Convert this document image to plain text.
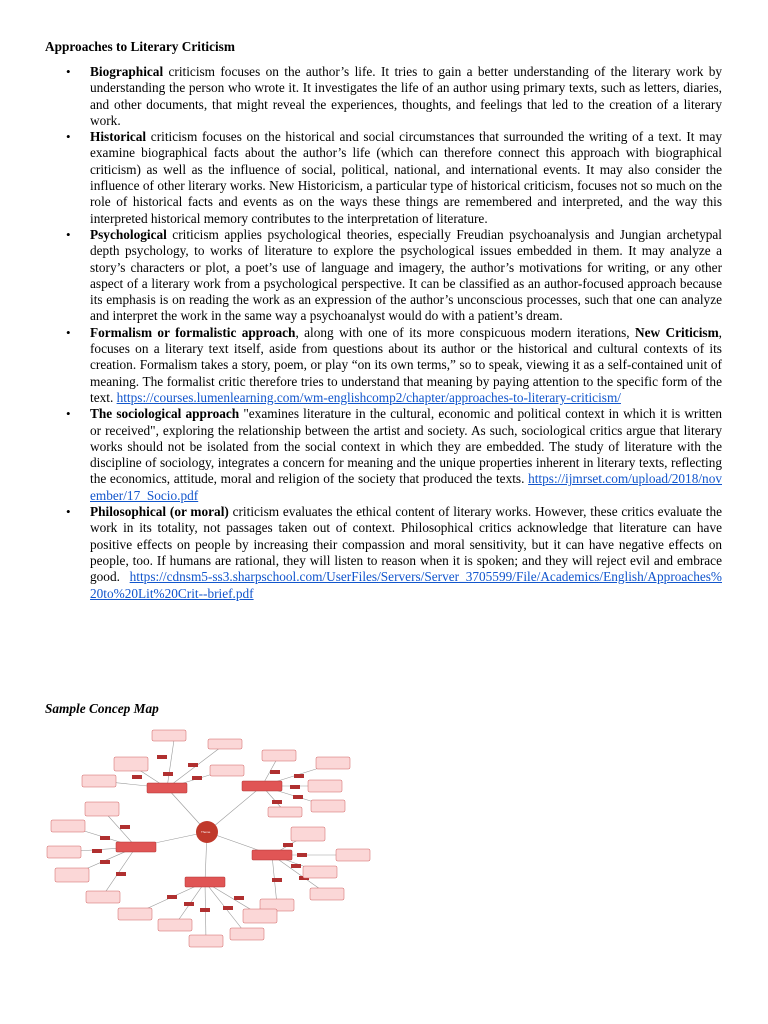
Approaches to Literary Criticism
• Biographical criticism focuses on the author’s life. It tries to gain a better understanding of the literary work by understanding the person who wrote it. It investigates the life of an author using primary texts, such as letters, diaries, and other documents, that might reveal the experiences, thoughts, and feelings that led to the creation of a literary work.
• Historical criticism focuses on the historical and social circumstances that surrounded the writing of a text. It may examine biographical facts about the author’s life (which can therefore connect this approach with biographical criticism) as well as the influence of social, political, national, and international events. It may also consider the influence of other literary works. New Historicism, a particular type of historical criticism, focuses not so much on the role of historical facts and events as on the ways these things are remembered and interpreted, and the way this interpreted historical memory contributes to the interpretation of literature.
• Psychological criticism applies psychological theories, especially Freudian psychoanalysis and Jungian archetypal depth psychology, to works of literature to explore the psychological issues embedded in them. It may analyze a story’s characters or plot, a poet’s use of language and imagery, the author’s motivations for writing, or any other aspect of a literary work from a psychological perspective. It can be classified as an author-focused approach because its emphasis is on reading the work as an expression of the author’s unconscious processes, such that one can analyze and interpret the work in the same way a psychoanalyst would do with a patient’s dream.
• Formalism or formalistic approach, along with one of its more conspicuous modern iterations, New Criticism, focuses on a literary text itself, aside from questions about its author or the historical and cultural contexts of its creation. Formalism takes a story, poem, or play “on its own terms,” so to speak, viewing it as a self-contained unit of meaning. The formalist critic therefore tries to understand that meaning by paying attention to the specific form of the text. https://courses.lumenlearning.com/wm-englishcomp2/chapter/approaches-to-literary-criticism/
• The sociological approach "examines literature in the cultural, economic and political context in which it is written or received", exploring the relationship between the artist and society. As such, sociological critics argue that literary works should not be isolated from the social context in which they are embedded. The study of literature with the discipline of sociology, integrates a concern for meaning and the unique properties inherent in literary texts, reflecting the economics, attitude, moral and religion of the society that produced the texts. https://ijmrset.com/upload/2018/november/17_Socio.pdf
• Philosophical (or moral) criticism evaluates the ethical content of literary works. However, these critics evaluate the work in its totality, not passages taken out of context. Philosophical critics acknowledge that literature can have positive effects on people by increasing their compassion and moral sensitivity, but it can have negative effects on people, too. If humans are rational, they will listen to reason when it is spoken; and they will reject evil and embrace good. https://cdnsm5-ss3.sharpschool.com/UserFiles/Servers/Server_3705599/File/Academics/English/Approaches%20to%20Lit%20Crit--brief.pdf
Sample Concep Map
Theme
